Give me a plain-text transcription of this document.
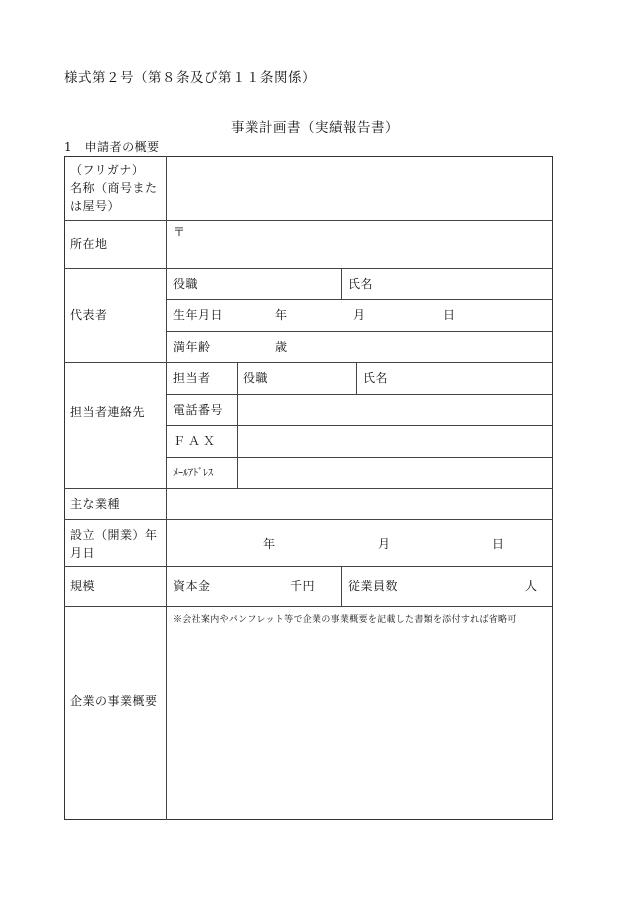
様式第２号（第８条及び第１１条関係）
事業計画書（実績報告書）
1　申請者の概要
（フリガナ）
名称（商号また
は屋号）
所在地
〒
代表者
役職	氏名
生年月日	年	月	日
満年齢	歳
担当者連絡先
担当者	役職	氏名
電話番号
ＦＡＸ
ﾒｰﾙｱﾄﾞﾚｽ
主な業種
設立（開業）年
月日
年	月	日
規模	資本金	千円	従業員数	人
企業の事業概要
※会社案内やパンフレット等で企業の事業概要を記載した書類を添付すれば省略可
